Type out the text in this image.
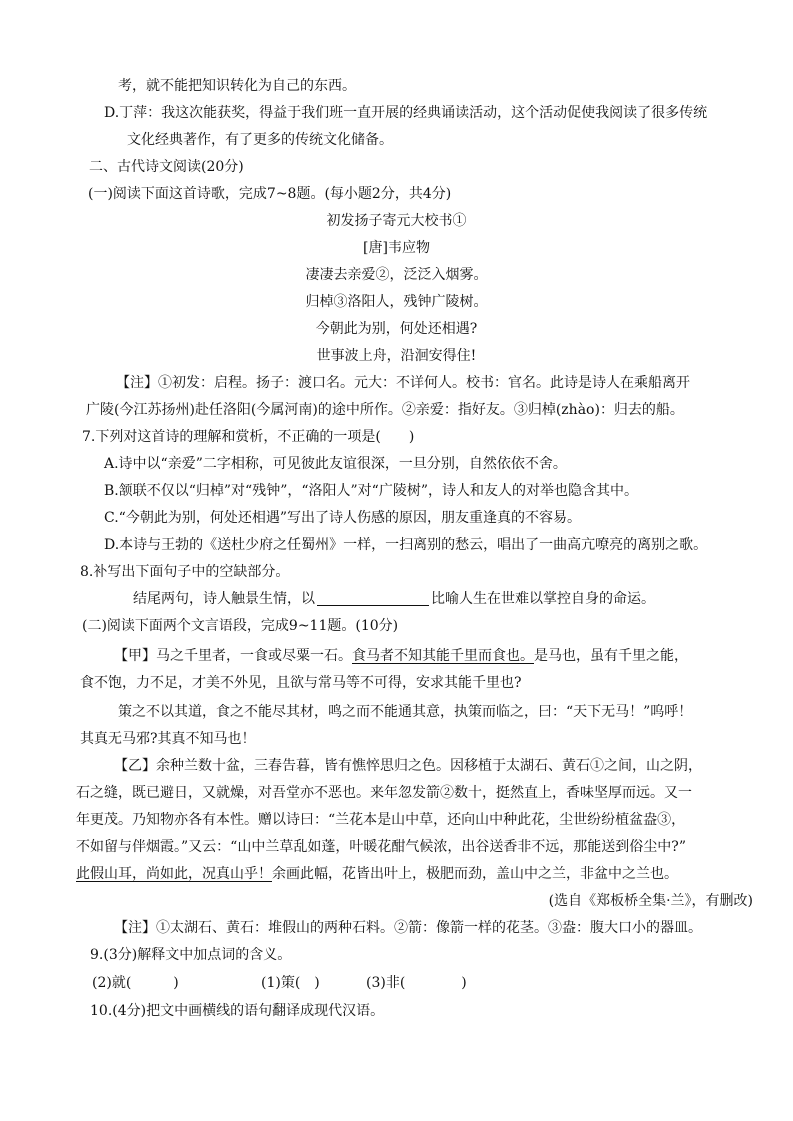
考，就不能把知识转化为自己的东西。
D.丁萍：我这次能获奖，得益于我们班一直开展的经典诵读活动，这个活动促使我阅读了很多传统
文化经典著作，有了更多的传统文化储备。
二、古代诗文阅读(20分)
(一)阅读下面这首诗歌，完成7~8题。(每小题2分，共4分)
初发扬子寄元大校书①
[唐]韦应物
凄凄去亲爱②，泛泛入烟雾。
归棹③洛阳人，残钟广陵树。
今朝此为别，何处还相遇?
世事波上舟，沿洄安得住!
【注】①初发：启程。扬子：渡口名。元大：不详何人。校书：官名。此诗是诗人在乘船离开
广陵(今江苏扬州)赴任洛阳(今属河南)的途中所作。②亲爱：指好友。③归棹(zhào)：归去的船。
7.下列对这首诗的理解和赏析，不正确的一项是(　　)
A.诗中以“亲爱”二字相称，可见彼此友谊很深，一旦分别，自然依依不舍。
B.颔联不仅以“归棹”对“残钟”，“洛阳人”对“广陵树”，诗人和友人的对举也隐含其中。
C.“今朝此为别，何处还相遇”写出了诗人伤感的原因，朋友重逢真的不容易。
D.本诗与王勃的《送杜少府之任蜀州》一样，一扫离别的愁云，唱出了一曲高亢嘹亮的离别之歌。
8.补写出下面句子中的空缺部分。
结尾两句，诗人触景生情，以	比喻人生在世难以掌控自身的命运。
(二)阅读下面两个文言语段，完成9~11题。(10分)
【甲】马之千里者，一食或尽粟一石。食马者不知其能千里而食也。是马也，虽有千里之能，
食不饱，力不足，才美不外见，且欲与常马等不可得，安求其能千里也?
策之不以其道，食之不能尽其材，鸣之而不能通其意，执策而临之，曰：“天下无马！”呜呼！
其真无马邪?其真不知马也！
【乙】余种兰数十盆，三春告暮，皆有憔悴思归之色。因移植于太湖石、黄石①之间，山之阴，
石之缝，既已避日，又就燥，对吾堂亦不恶也。来年忽发箭②数十，挺然直上，香味坚厚而远。又一
年更茂。乃知物亦各有本性。赠以诗曰：“兰花本是山中草，还向山中种此花，尘世纷纷植盆盎③，
不如留与伴烟霞。”又云：“山中兰草乱如蓬，叶暖花酣气候浓，出谷送香非不远，那能送到俗尘中?”
此假山耳，尚如此，况真山乎！余画此幅，花皆出叶上，极肥而劲，盖山中之兰，非盆中之兰也。
(选自《郑板桥全集·兰》，有删改)
【注】①太湖石、黄石：堆假山的两种石料。②箭：像箭一样的花茎。③盎：腹大口小的器皿。
9.(3分)解释文中加点词的含义。
(2)就(　　　)	(1)策(　)	(3)非(　　　　)
10.(4分)把文中画横线的语句翻译成现代汉语。
